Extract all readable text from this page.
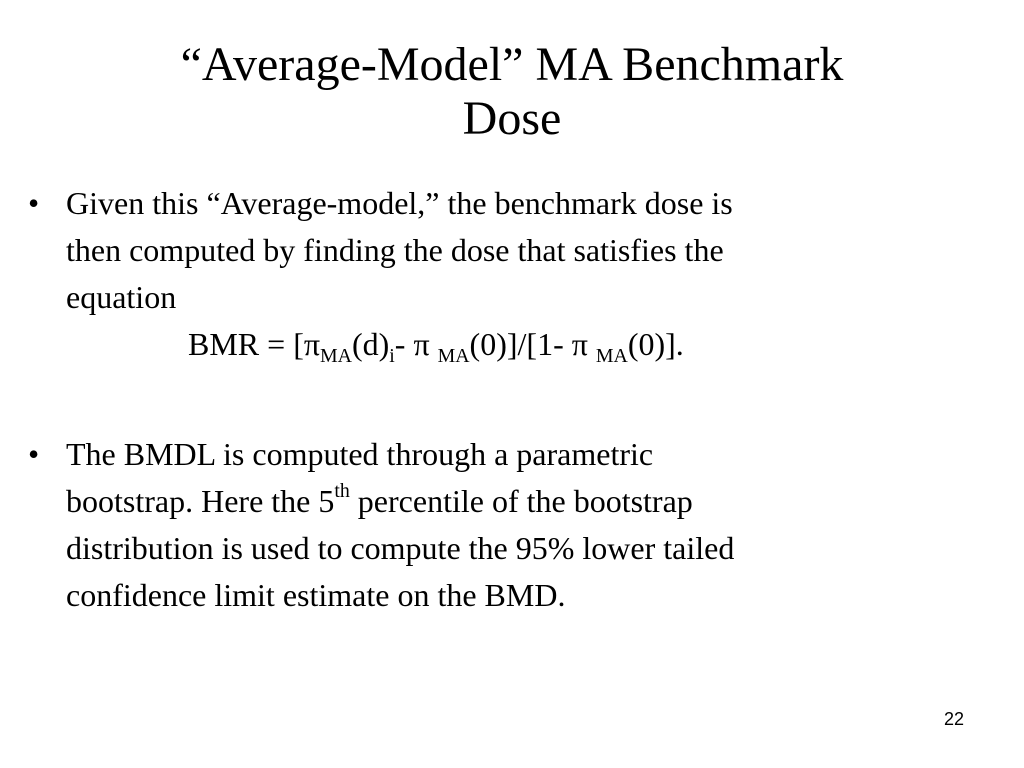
“Average-Model” MA Benchmark
Dose
• Given this “Average-model,” the benchmark dose is
then computed by finding the dose that satisfies the
equation
BMR = [$\pi_{MA}(d)_i-$ π $_{MA}$(0)]/[1- π $_{MA}$(0)].
• The BMDL is computed through a parametric
bootstrap. Here the 5th percentile of the bootstrap
distribution is used to compute the 95% lower tailed
confidence limit estimate on the BMD.
22
